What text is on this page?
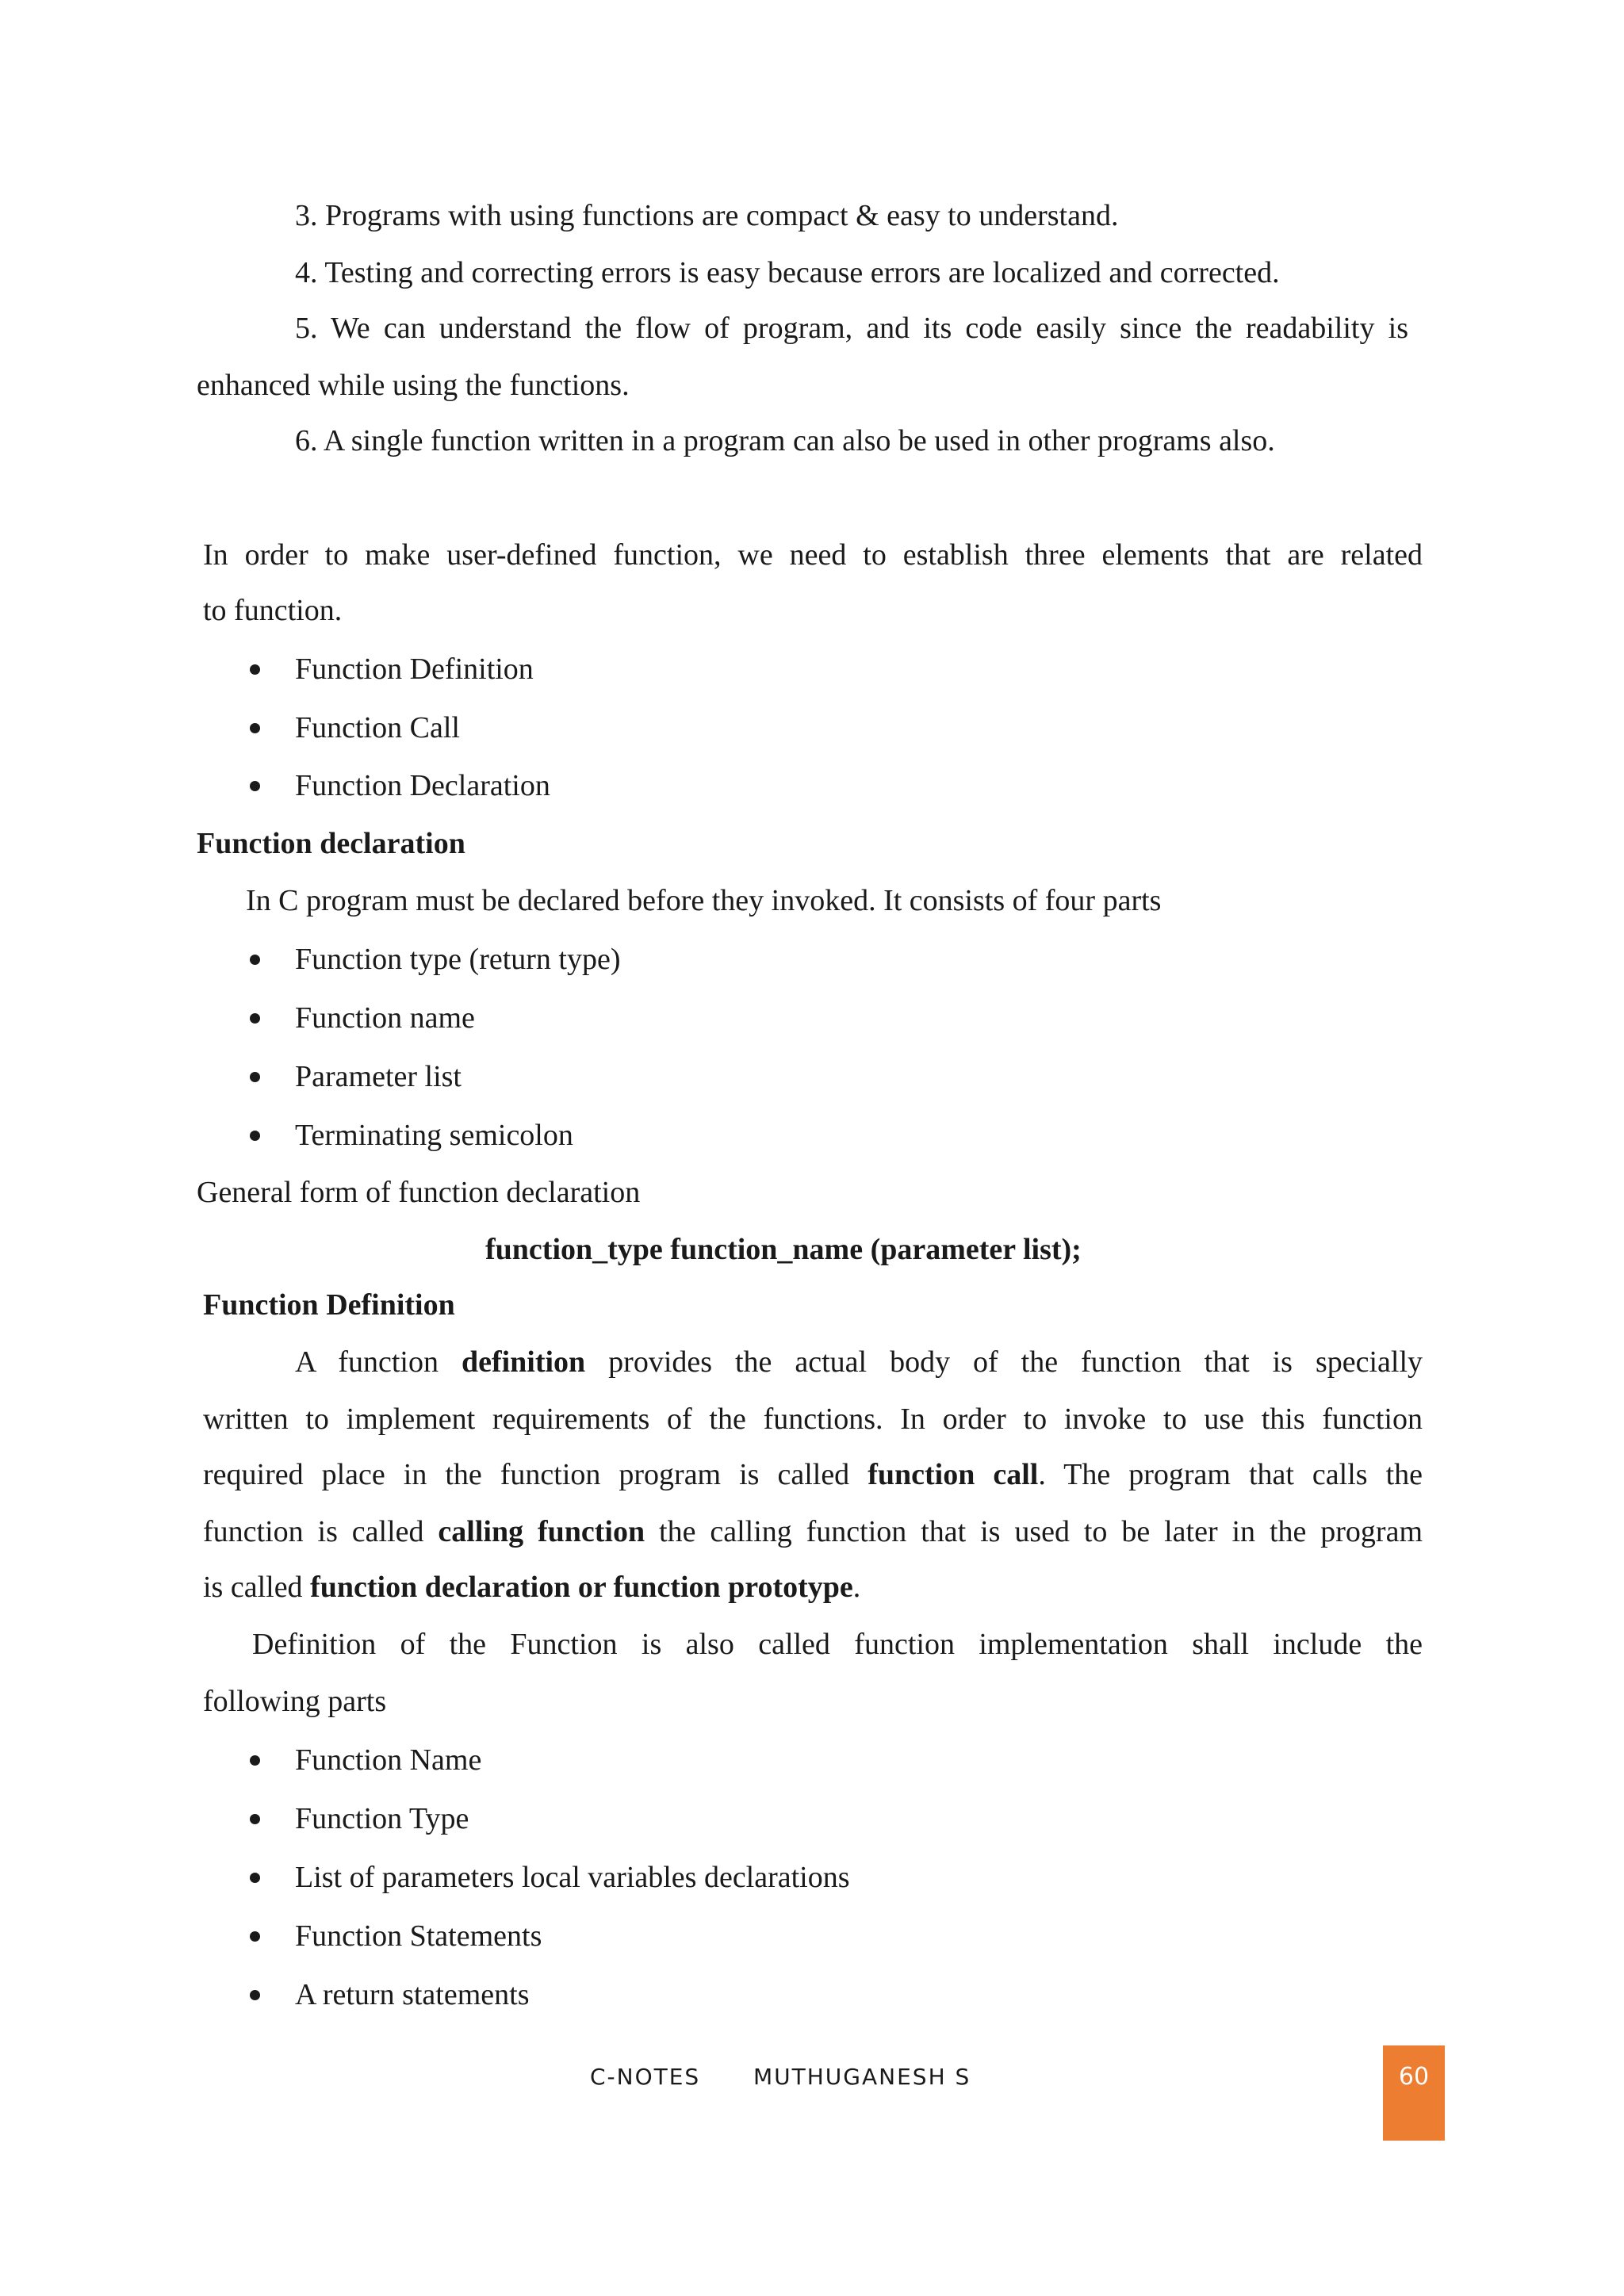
3. Programs with using functions are compact & easy to understand.
4. Testing and correcting errors is easy because errors are localized and corrected.
5. We can understand the flow of program, and its code easily since the readability is
enhanced while using the functions.
6. A single function written in a program can also be used in other programs also.
In order to make user-defined function, we need to establish three elements that are related
to function.
Function Definition
Function Call
Function Declaration
Function declaration
In C program must be declared before they invoked. It consists of four parts
Function type (return type)
Function name
Parameter list
Terminating semicolon
General form of function declaration
function_type function_name (parameter list);
Function Definition
A function definition provides the actual body of the function that is specially
written to implement requirements of the functions. In order to invoke to use this function
required place in the function program is called function call. The program that calls the
function is called calling function the calling function that is used to be later in the program
is called function declaration or function prototype.
Definition of the Function is also called function implementation shall include the
following parts
Function Name
Function Type
List of parameters local variables declarations
Function Statements
A return statements
C-NOTES MUTHUGANESH S	60
